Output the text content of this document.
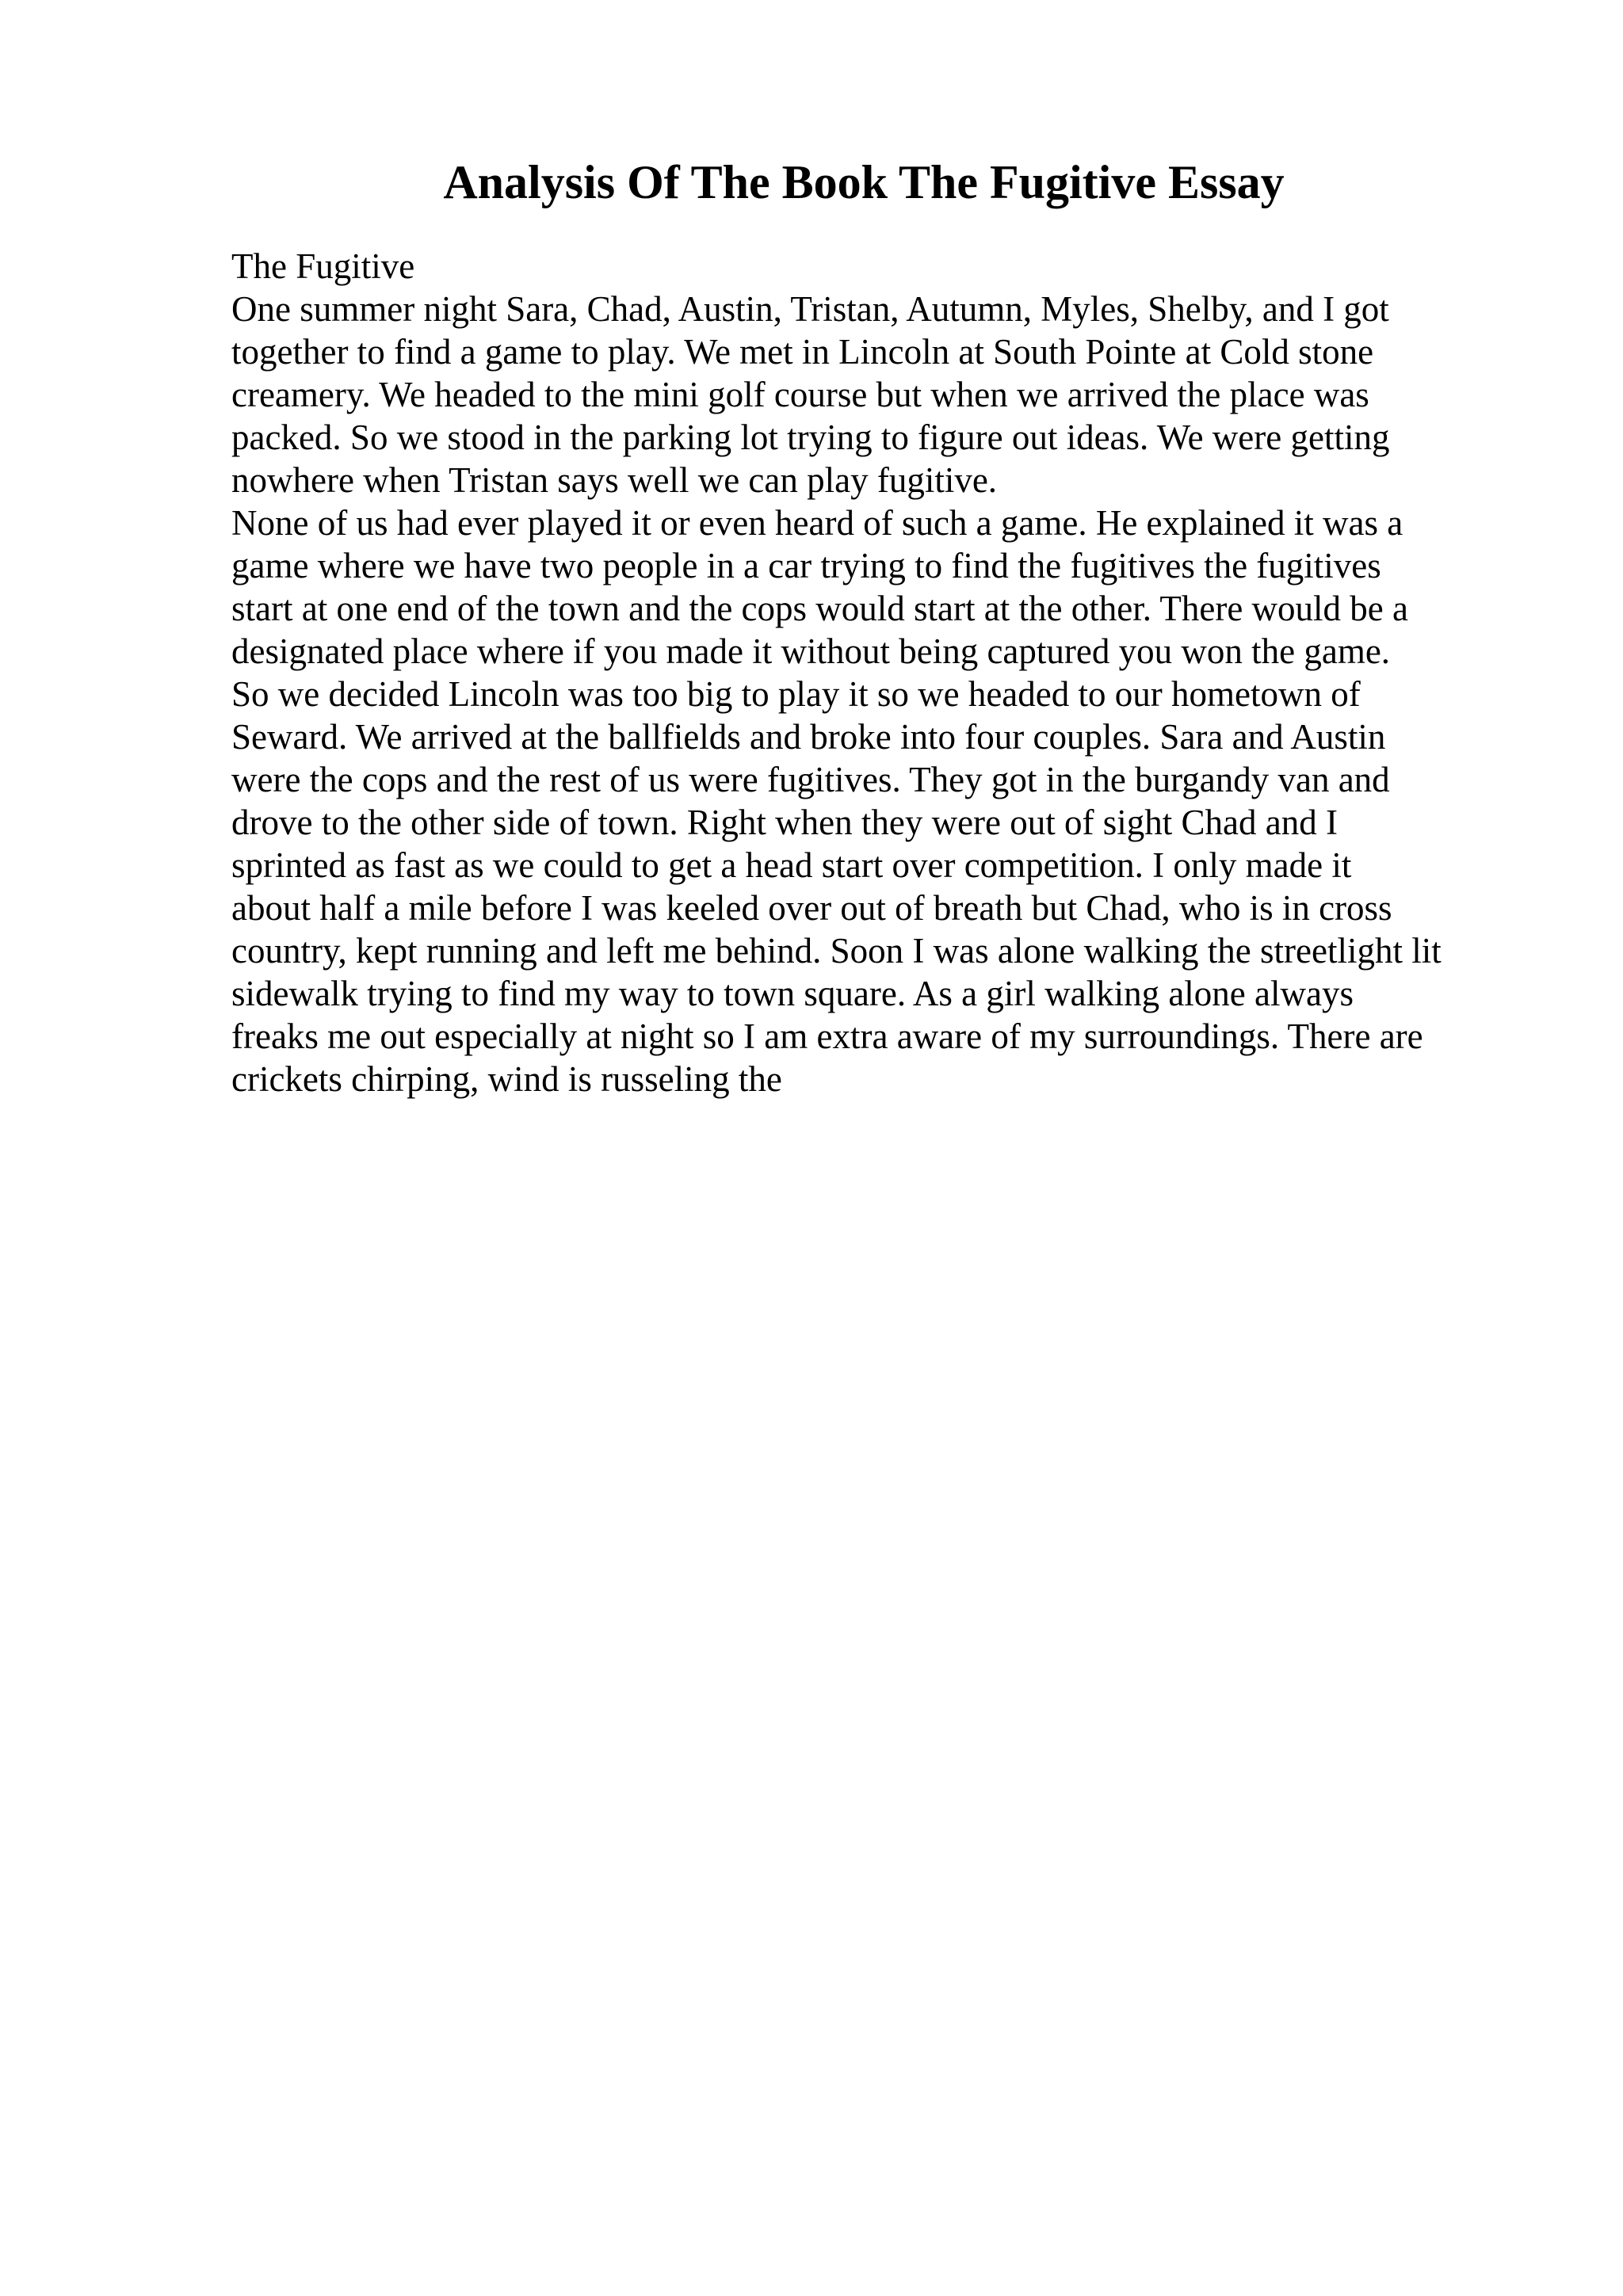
Analysis Of The Book The Fugitive Essay
The Fugitive
One summer night Sara, Chad, Austin, Tristan, Autumn, Myles, Shelby, and I got
together to find a game to play. We met in Lincoln at South Pointe at Cold stone
creamery. We headed to the mini golf course but when we arrived the place was
packed. So we stood in the parking lot trying to figure out ideas. We were getting
nowhere when Tristan says well we can play fugitive.
None of us had ever played it or even heard of such a game. He explained it was a
game where we have two people in a car trying to find the fugitives the fugitives
start at one end of the town and the cops would start at the other. There would be a
designated place where if you made it without being captured you won the game.
So we decided Lincoln was too big to play it so we headed to our hometown of
Seward. We arrived at the ballfields and broke into four couples. Sara and Austin
were the cops and the rest of us were fugitives. They got in the burgandy van and
drove to the other side of town. Right when they were out of sight Chad and I
sprinted as fast as we could to get a head start over competition. I only made it
about half a mile before I was keeled over out of breath but Chad, who is in cross
country, kept running and left me behind. Soon I was alone walking the streetlight lit
sidewalk trying to find my way to town square. As a girl walking alone always
freaks me out especially at night so I am extra aware of my surroundings. There are
crickets chirping, wind is russeling the
